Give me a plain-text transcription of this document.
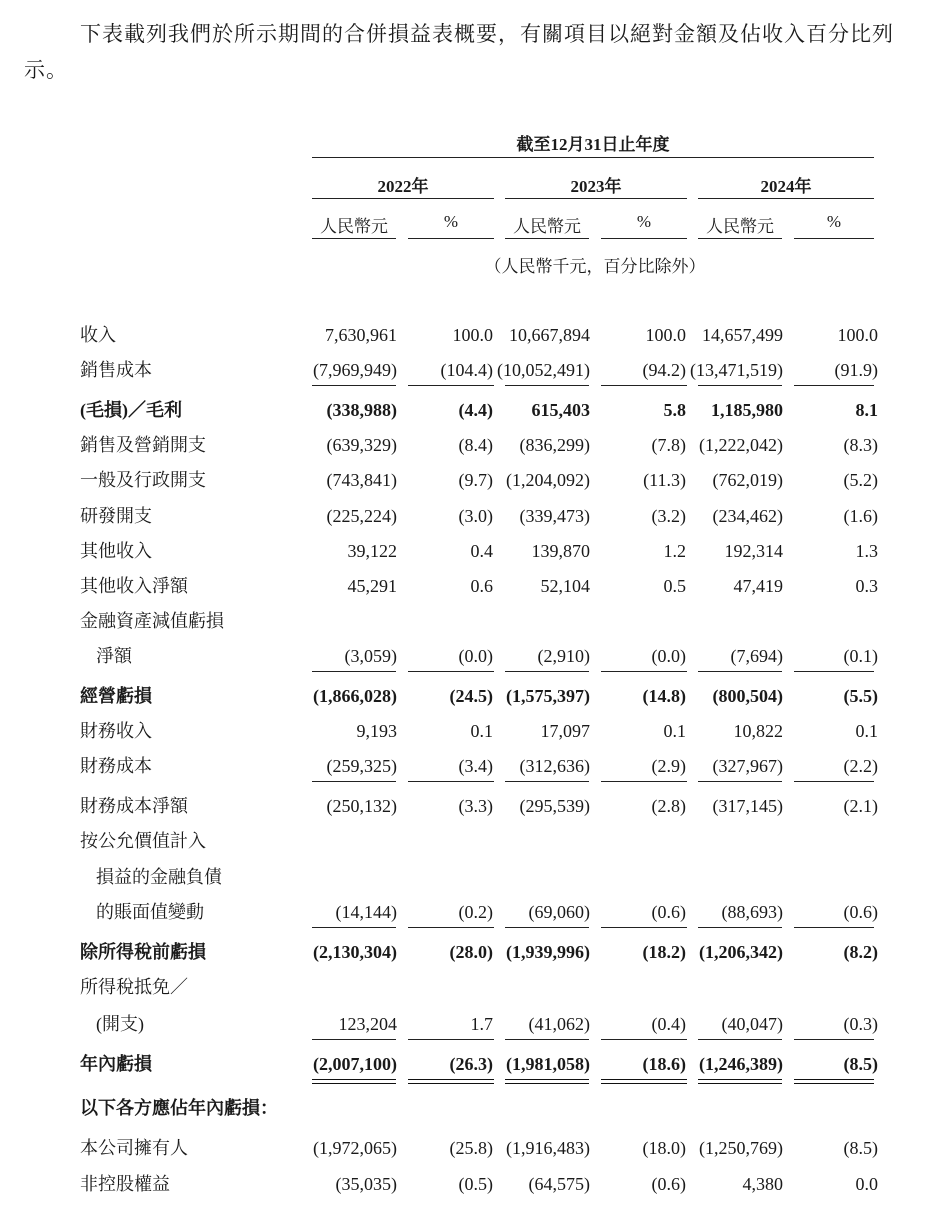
下表載列我們於所示期間的合併損益表概要，有關項目以絕對金額及佔收入百分比列示。

截至12月31日止年度
2022年	2023年	2024年
人民幣元	%	人民幣元	%	人民幣元	%
（人民幣千元，百分比除外）
收入	7,630,961	100.0 10,667,894	100.0 14,657,499	100.0
銷售成本	(7,969,949) (104.4) (10,052,491)	(94.2) (13,471,519)	(91.9)
(毛損)／毛利	(338,988)	(4.4) 615,403	5.8 1,185,980	8.1
銷售及營銷開支	(639,329)	(8.4) (836,299)	(7.8) (1,222,042)	(8.3)
一般及行政開支	(743,841)	(9.7) (1,204,092)	(11.3) (762,019)	(5.2)
研發開支	(225,224)	(3.0) (339,473)	(3.2) (234,462)	(1.6)
其他收入	39,122	0.4 139,870	1.2 192,314	1.3
其他收入淨額	45,291	0.6	52,104	0.5	47,419	0.3
金融資產減值虧損
淨額	(3,059)	(0.0) (2,910)	(0.0) (7,694)	(0.1)
經營虧損	(1,866,028)	(24.5) (1,575,397)	(14.8) (800,504)	(5.5)
財務收入	9,193	0.1	17,097	0.1	10,822	0.1
財務成本	(259,325)	(3.4) (312,636)	(2.9) (327,967)	(2.2)
財務成本淨額	(250,132)	(3.3) (295,539)	(2.8) (317,145)	(2.1)
按公允價值計入
損益的金融負債
的賬面值變動	(14,144)	(0.2) (69,060)	(0.6) (88,693)	(0.6)
除所得稅前虧損	(2,130,304)	(28.0) (1,939,996)	(18.2) (1,206,342)	(8.2)
所得稅抵免／
(開支)	123,204	1.7 (41,062)	(0.4) (40,047)	(0.3)
年內虧損	(2,007,100)	(26.3) (1,981,058)	(18.6) (1,246,389)	(8.5)
以下各方應佔年內虧損：
本公司擁有人	(1,972,065)	(25.8) (1,916,483)	(18.0) (1,250,769)	(8.5)
非控股權益	(35,035)	(0.5) (64,575)	(0.6)	4,380	0.0
